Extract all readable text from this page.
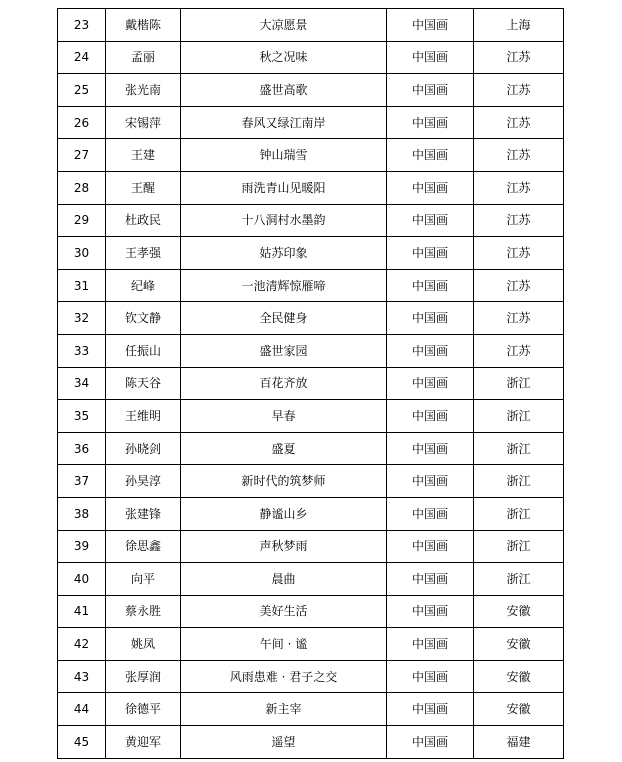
23	戴楷陈	大凉愿景	中国画	上海
24	孟丽	秋之况味	中国画	江苏
25	张光南	盛世高歌	中国画	江苏
26	宋锡萍	春风又绿江南岸	中国画	江苏
27	王建	钟山瑞雪	中国画	江苏
28	王醒	雨洗青山见暖阳	中国画	江苏
29	杜政民	十八洞村水墨韵	中国画	江苏
30	王孝强	姑苏印象	中国画	江苏
31	纪峰	一池清辉惊雁啼	中国画	江苏
32	钦文静	全民健身	中国画	江苏
33	任振山	盛世家园	中国画	江苏
34	陈天谷	百花齐放	中国画	浙江
35	王维明	早春	中国画	浙江
36	孙晓剑	盛夏	中国画	浙江
37	孙昊淳	新时代的筑梦师	中国画	浙江
38	张建锋	静谧山乡	中国画	浙江
39	徐思鑫	声秋梦雨	中国画	浙江
40	向平	晨曲	中国画	浙江
41	蔡永胜	美好生活	中国画	安徽
42	姚凤	午间 · 谧	中国画	安徽
43	张厚润	风雨患难 · 君子之交	中国画	安徽
44	徐德平	新主宰	中国画	安徽
45	黄迎军	遥望	中国画	福建
